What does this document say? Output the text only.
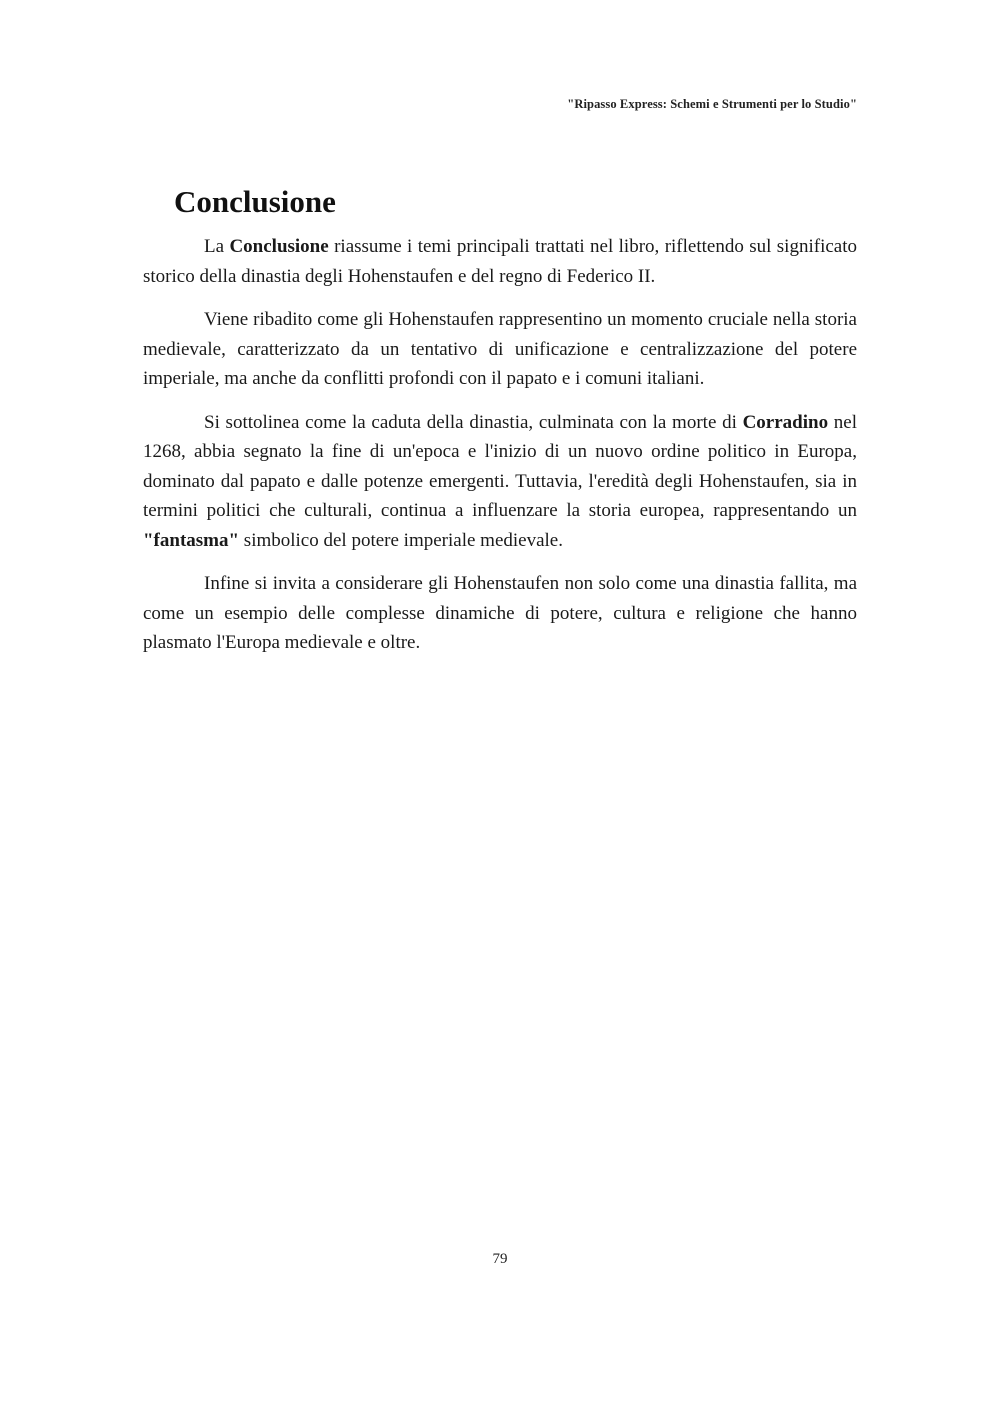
"Ripasso Express: Schemi e Strumenti per lo Studio"
Conclusione

La Conclusione riassume i temi principali trattati nel libro, riflettendo sul significato storico della dinastia degli Hohenstaufen e del regno di Federico II.

Viene ribadito come gli Hohenstaufen rappresentino un momento cruciale nella storia medievale, caratterizzato da un tentativo di unificazione e centralizzazione del potere imperiale, ma anche da conflitti profondi con il papato e i comuni italiani.

Si sottolinea come la caduta della dinastia, culminata con la morte di Corradino nel 1268, abbia segnato la fine di un'epoca e l'inizio di un nuovo ordine politico in Europa, dominato dal papato e dalle potenze emergenti. Tuttavia, l'eredità degli Hohenstaufen, sia in termini politici che culturali, continua a influenzare la storia europea, rappresentando un "fantasma" simbolico del potere imperiale medievale.

Infine si invita a considerare gli Hohenstaufen non solo come una dinastia fallita, ma come un esempio delle complesse dinamiche di potere, cultura e religione che hanno plasmato l'Europa medievale e oltre.

79
